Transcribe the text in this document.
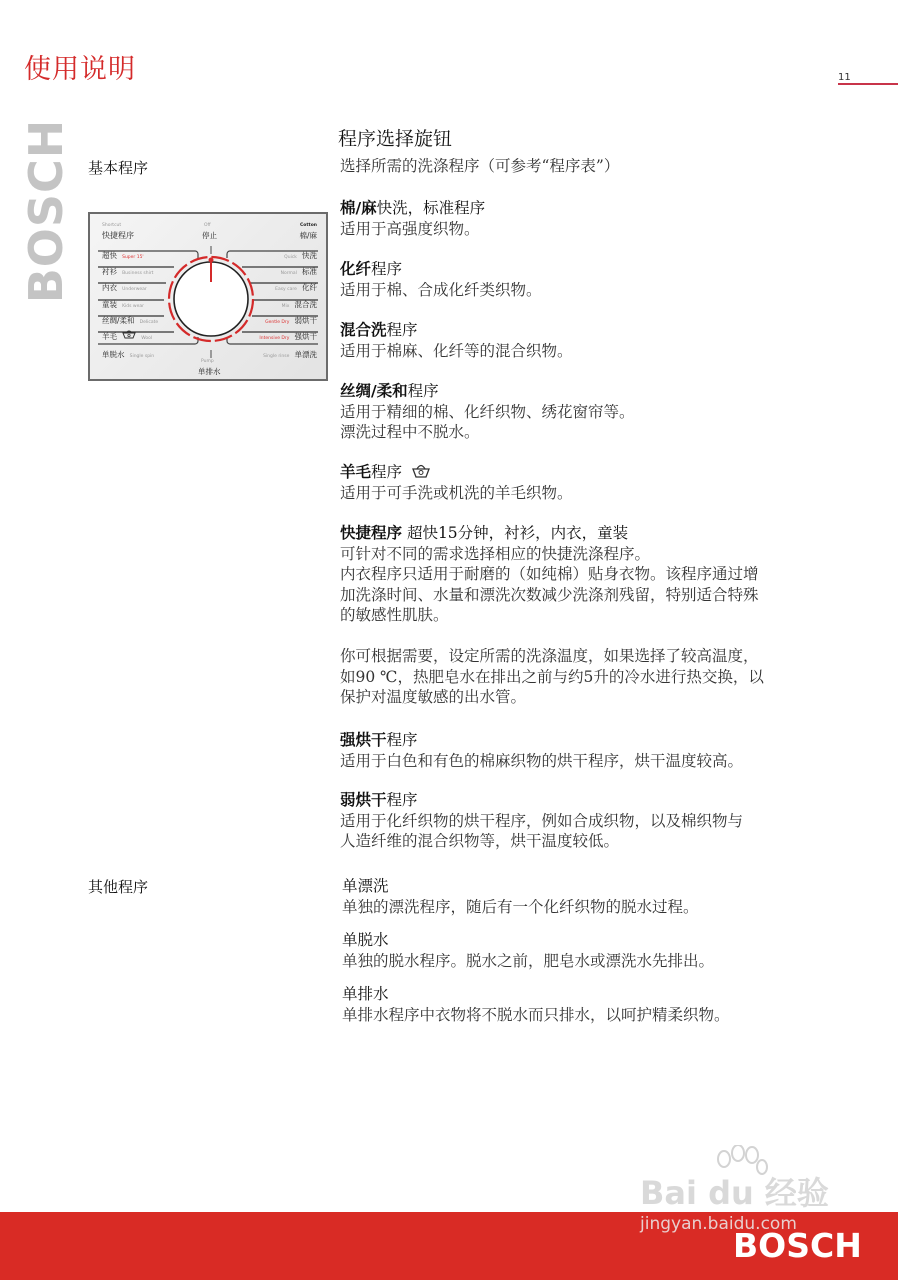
使用说明	11
BOSCH 基本程序
其他程序
Shortcut
快捷程序
超快 Super 15'
衬衫 Business shirt
内衣 Underwear
童装 Kids wear
丝绸/柔和 Delicate
羊毛	Wool
单脱水 Single spin
Off
停止
Pump
单排水
Cotton
棉/麻
Quick 快洗
Normal 标准
Easy care 化纤
Mix 混合洗
Gentle Dry 弱烘干
Intensive Dry 强烘干
Single rinse 单漂洗
程序选择旋钮

选择所需的洗涤程序（可参考“程序表”）

棉/麻快洗，标准程序

适用于高强度织物。

化纤程序

适用于棉、合成化纤类织物。

混合洗程序

适用于棉麻、化纤等的混合织物。

丝绸/柔和程序

适用于精细的棉、化纤织物、绣花窗帘等。

漂洗过程中不脱水。

羊毛程序

适用于可手洗或机洗的羊毛织物。

快捷程序 超快15分钟，衬衫，内衣，童装

可针对不同的需求选择相应的快捷洗涤程序。

内衣程序只适用于耐磨的（如纯棉）贴身衣物。该程序通过增

加洗涤时间、水量和漂洗次数减少洗涤剂残留，特别适合特殊

的敏感性肌肤。

你可根据需要，设定所需的洗涤温度，如果选择了较高温度，

如90 ℃，热肥皂水在排出之前与约5升的冷水进行热交换，以

保护对温度敏感的出水管。

强烘干程序

适用于白色和有色的棉麻织物的烘干程序，烘干温度较高。

弱烘干程序

适用于化纤织物的烘干程序，例如合成织物，以及棉织物与

人造纤维的混合织物等，烘干温度较低。

单漂洗

单独的漂洗程序，随后有一个化纤织物的脱水过程。

单脱水

单独的脱水程序。脱水之前，肥皂水或漂洗水先排出。

单排水

单排水程序中衣物将不脱水而只排水，以呵护精柔织物。

Bai du 经验
jingyan.baidu.com
BOSCH
